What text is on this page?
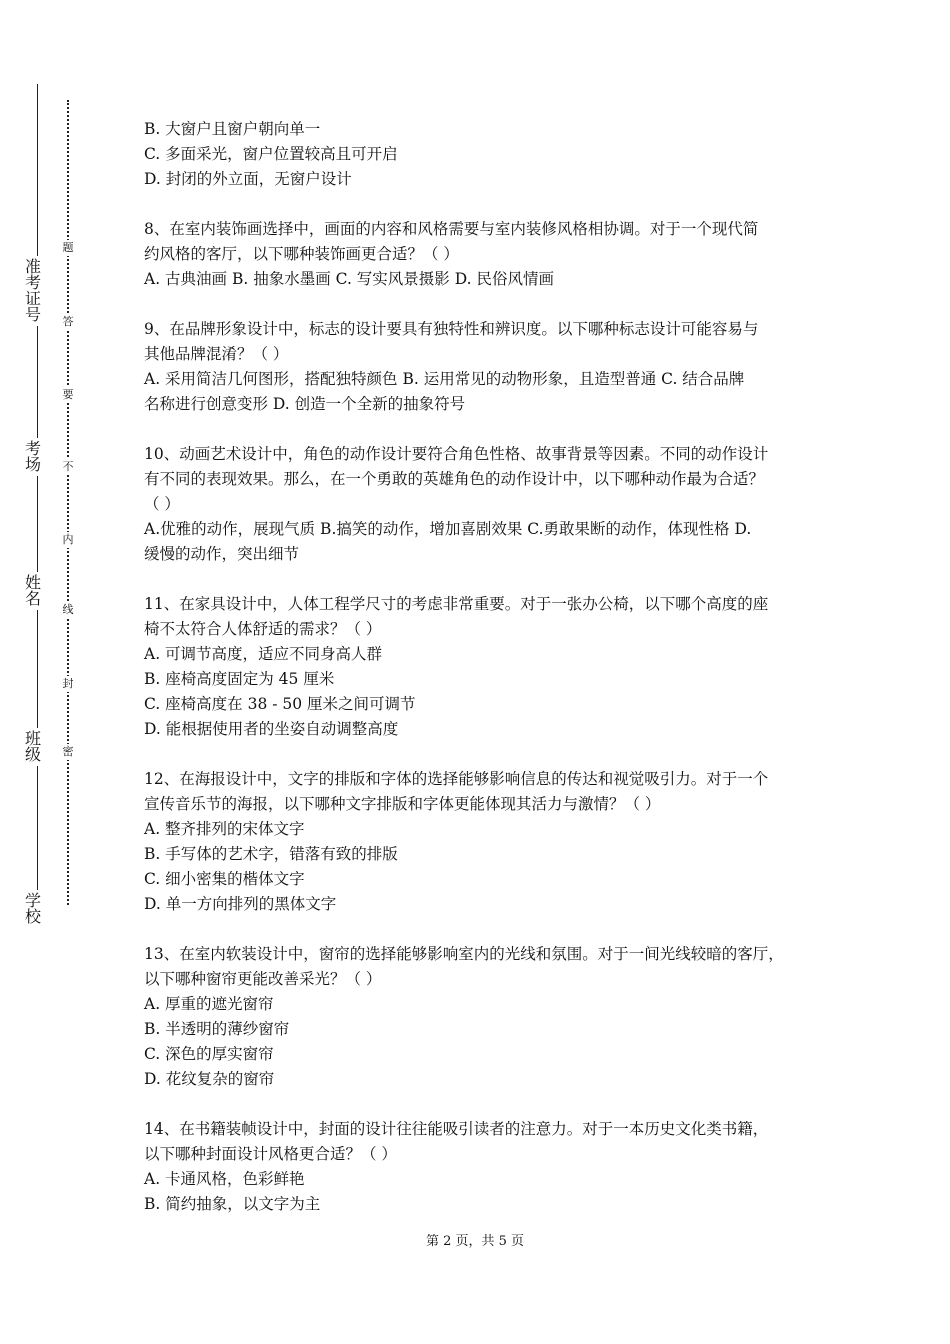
学校
班级
姓名
考场
准考证号
密
封
线
内
不
要
答
题

B. 大窗户且窗户朝向单一

C. 多面采光，窗户位置较高且可开启

D. 封闭的外立面，无窗户设计

8、在室内装饰画选择中，画面的内容和风格需要与室内装修风格相协调。对于一个现代简

约风格的客厅，以下哪种装饰画更合适？（ ）

A. 古典油画 B. 抽象水墨画 C. 写实风景摄影 D. 民俗风情画

9、在品牌形象设计中，标志的设计要具有独特性和辨识度。以下哪种标志设计可能容易与

其他品牌混淆？（ ）

A. 采用简洁几何图形，搭配独特颜色 B. 运用常见的动物形象，且造型普通 C. 结合品牌

名称进行创意变形 D. 创造一个全新的抽象符号

10、动画艺术设计中，角色的动作设计要符合角色性格、故事背景等因素。不同的动作设计

有不同的表现效果。那么，在一个勇敢的英雄角色的动作设计中，以下哪种动作最为合适？

（ ）

A.优雅的动作，展现气质 B.搞笑的动作，增加喜剧效果 C.勇敢果断的动作，体现性格 D.

缓慢的动作，突出细节

11、在家具设计中，人体工程学尺寸的考虑非常重要。对于一张办公椅，以下哪个高度的座

椅不太符合人体舒适的需求？（ ）

A. 可调节高度，适应不同身高人群

B. 座椅高度固定为 45 厘米

C. 座椅高度在 38 - 50 厘米之间可调节

D. 能根据使用者的坐姿自动调整高度

12、在海报设计中，文字的排版和字体的选择能够影响信息的传达和视觉吸引力。对于一个

宣传音乐节的海报，以下哪种文字排版和字体更能体现其活力与激情？（ ）

A. 整齐排列的宋体文字

B. 手写体的艺术字，错落有致的排版

C. 细小密集的楷体文字

D. 单一方向排列的黑体文字

13、在室内软装设计中，窗帘的选择能够影响室内的光线和氛围。对于一间光线较暗的客厅，

以下哪种窗帘更能改善采光？（ ）

A. 厚重的遮光窗帘

B. 半透明的薄纱窗帘

C. 深色的厚实窗帘

D. 花纹复杂的窗帘

14、在书籍装帧设计中，封面的设计往往能吸引读者的注意力。对于一本历史文化类书籍，

以下哪种封面设计风格更合适？（ ）

A. 卡通风格，色彩鲜艳

B. 简约抽象，以文字为主

第 2 页，共 5 页
